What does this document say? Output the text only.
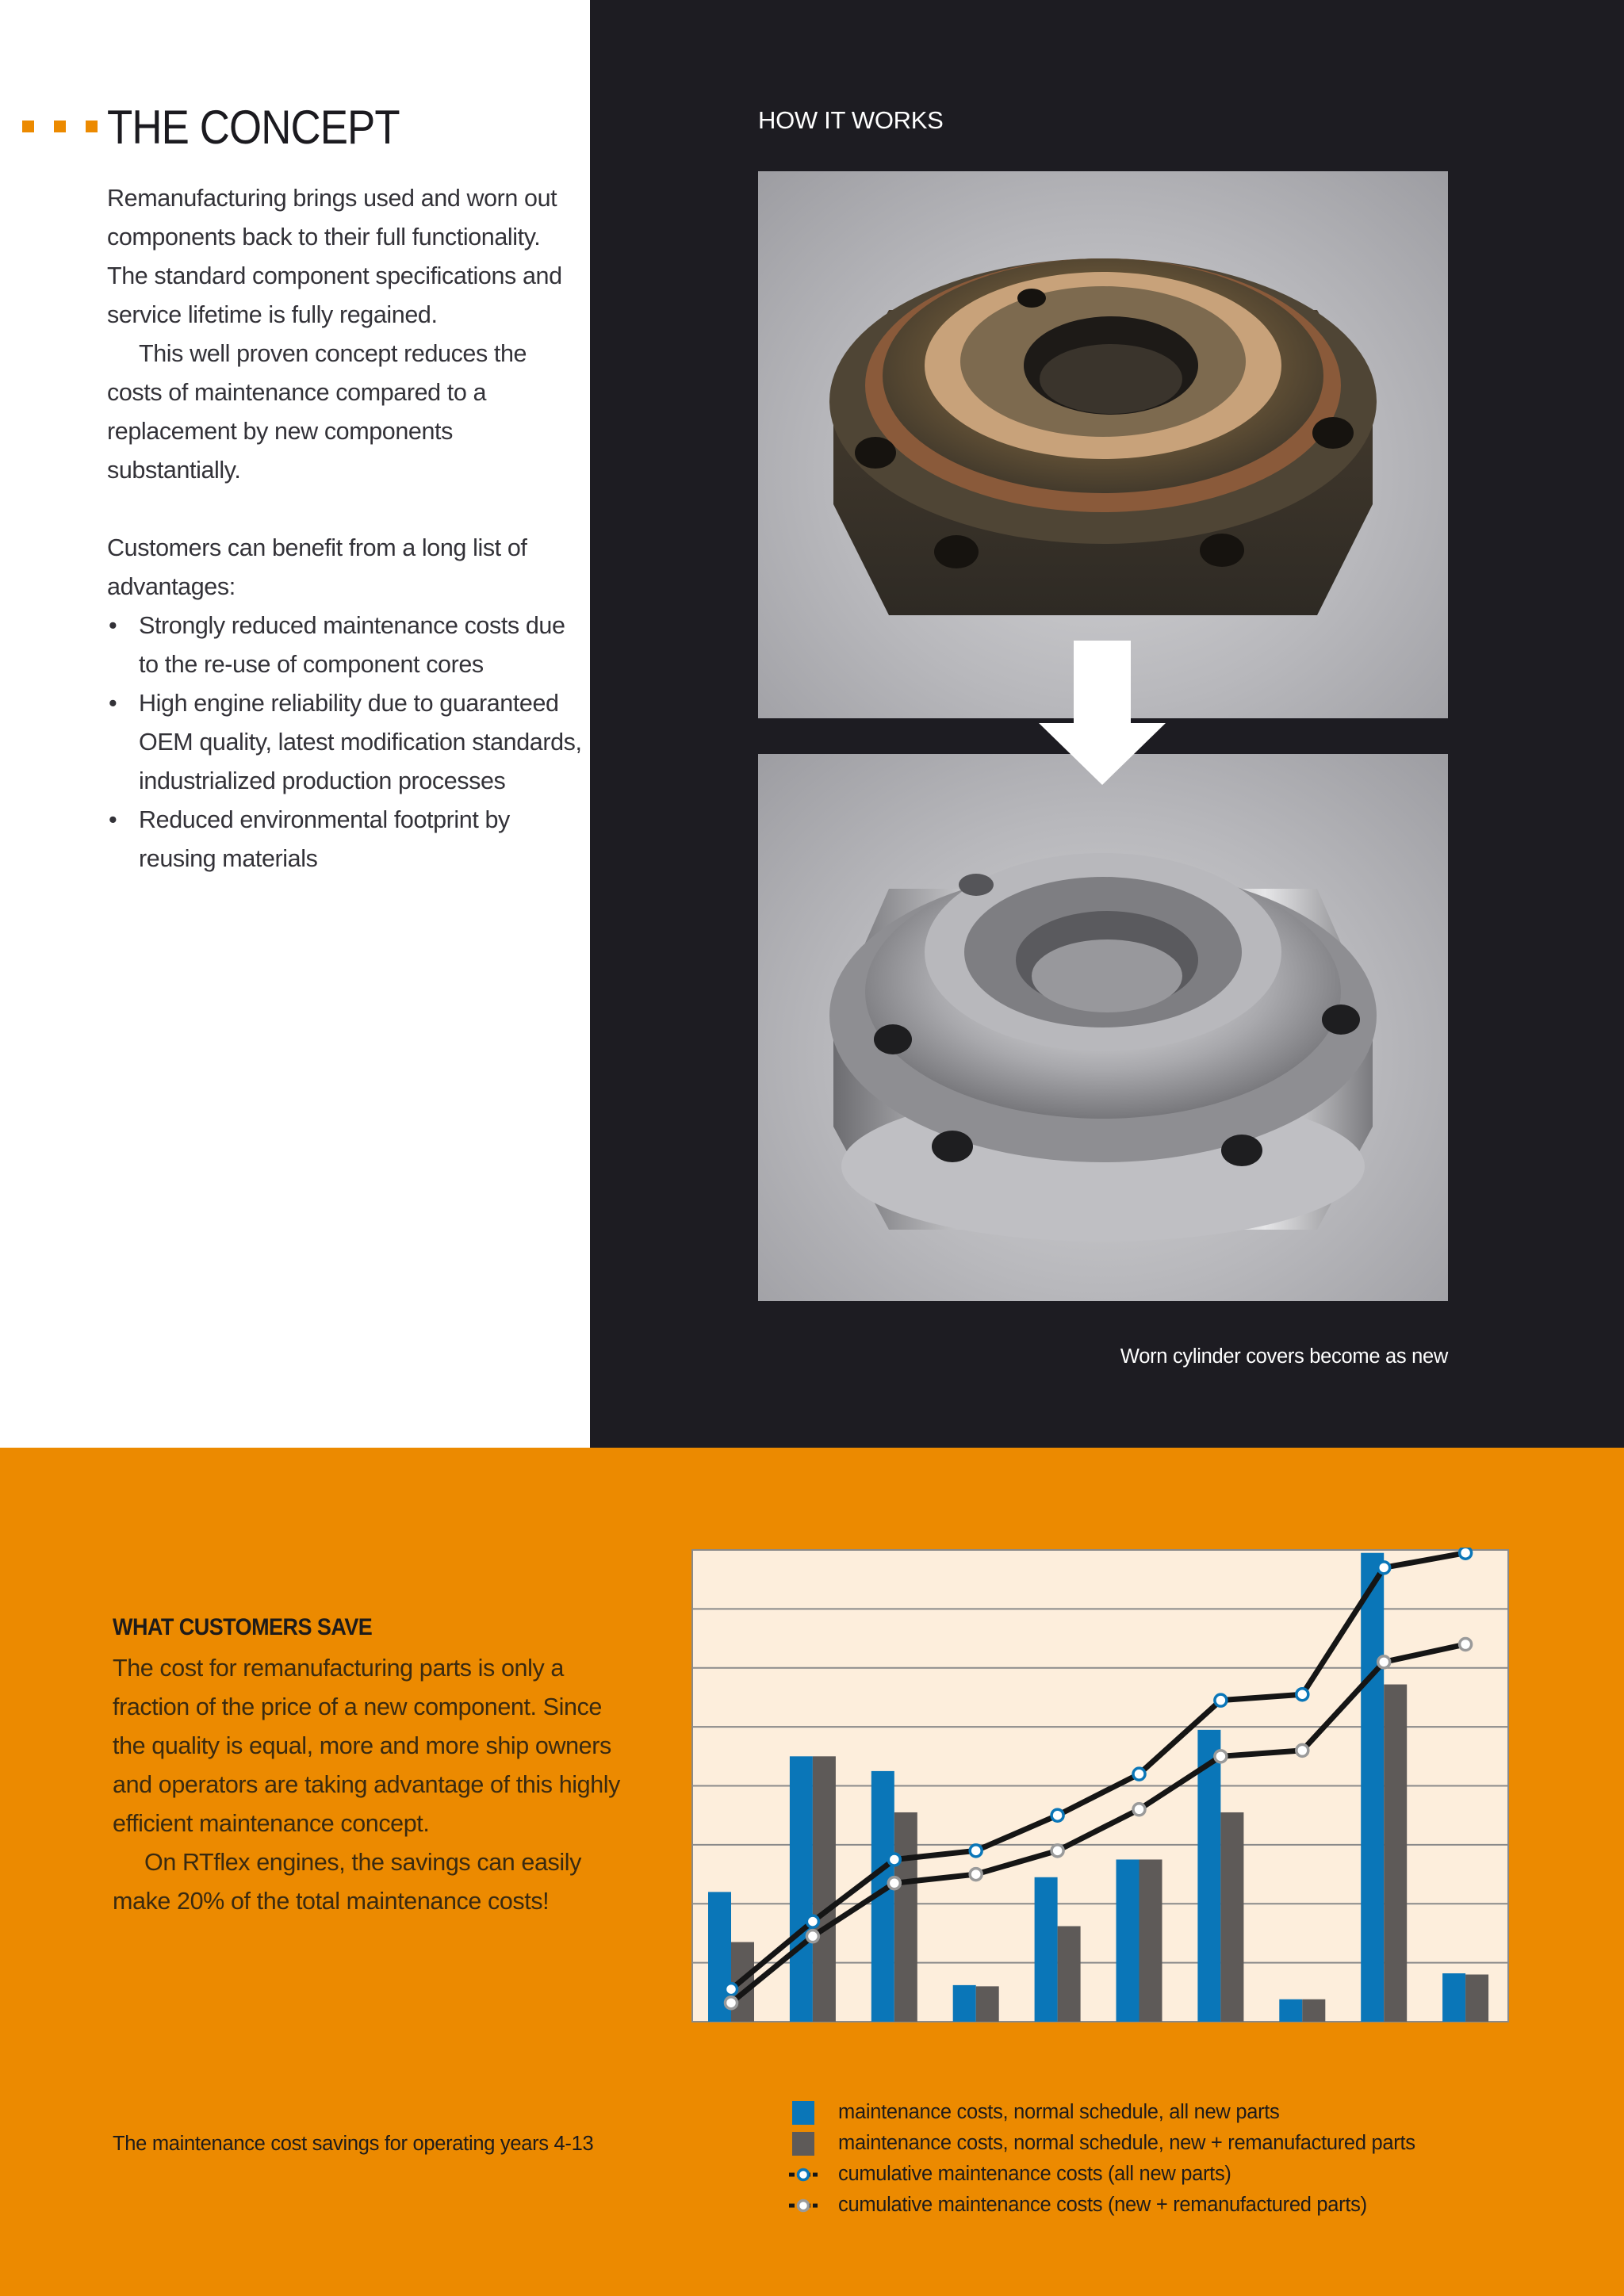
THE CONCEPT

Remanufacturing brings used and worn out components back to their full functionality. The standard component specifications and service lifetime is fully regained.

This well proven concept reduces the costs of maintenance compared to a replacement by new components substantially.

Customers can benefit from a long list of advantages:

• Strongly reduced maintenance costs due to the re-use of component cores
• High engine reliability due to guaranteed OEM quality, latest modification standards, industrialized production processes
• Reduced environmental footprint by reusing materials
HOW IT WORKS
Worn cylinder covers become as new
WHAT CUSTOMERS SAVE

The cost for remanufacturing parts is only a fraction of the price of a new component. Since the quality is equal, more and more ship owners and operators are taking advantage of this highly efficient maintenance concept.

On RTflex engines, the savings can easily make 20% of the total maintenance costs!

The maintenance cost savings for operating years 4-13
maintenance costs, normal schedule, all new parts
maintenance costs, normal schedule, new + remanufactured parts
cumulative maintenance costs (all new parts)
cumulative maintenance costs (new + remanufactured parts)
